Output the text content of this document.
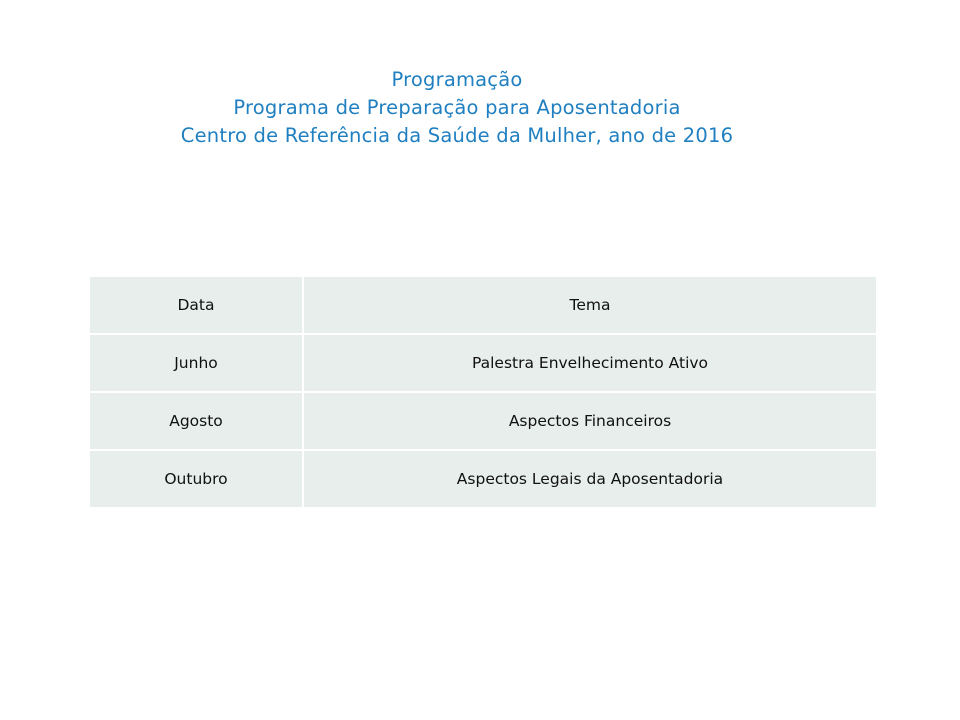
Programação
Programa de Preparação para Aposentadoria
Centro de Referência da Saúde da Mulher, ano de 2016
Data	Tema
Junho	Palestra Envelhecimento Ativo
Agosto	Aspectos Financeiros
Outubro	Aspectos Legais da Aposentadoria
